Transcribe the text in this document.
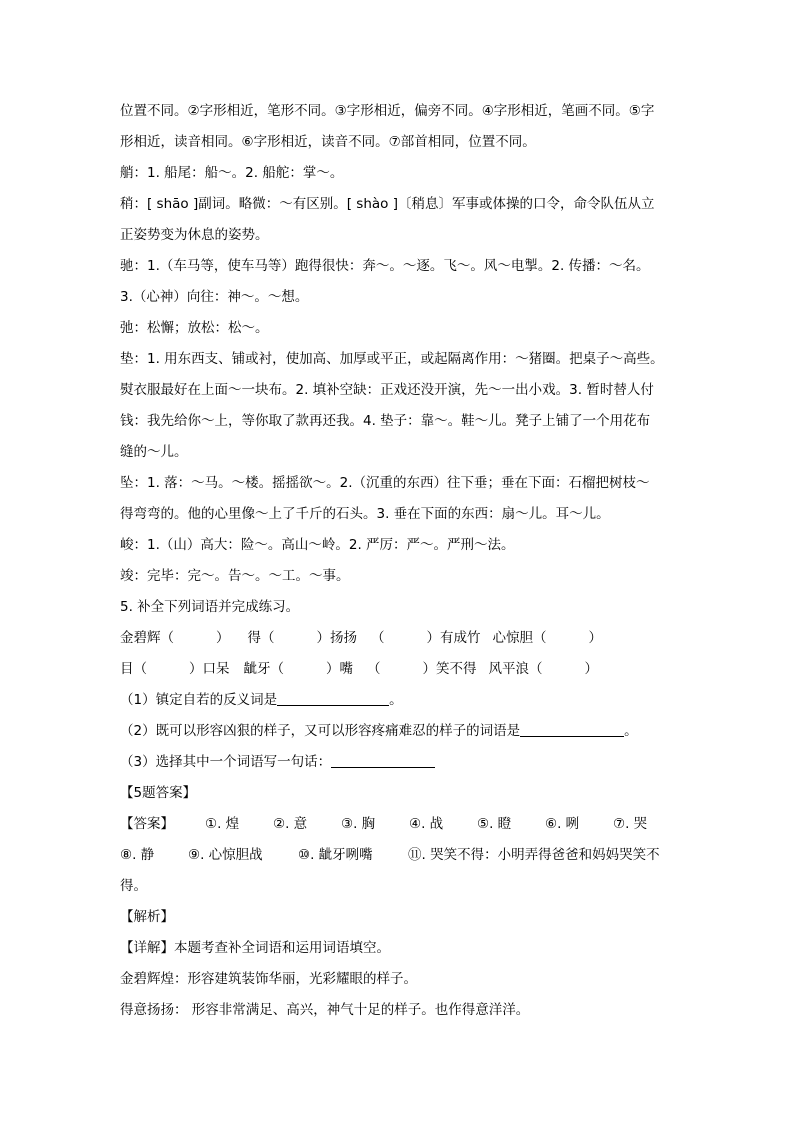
位置不同。②字形相近，笔形不同。③字形相近，偏旁不同。④字形相近，笔画不同。⑤字
形相近，读音相同。⑥字形相近，读音不同。⑦部首相同，位置不同。
艄：1. 船尾：船～。2. 船舵：掌～。
稍：[ shāo ]副词。略微：～有区别。[ shào ]〔稍息〕军事或体操的口令，命令队伍从立
正姿势变为休息的姿势。
驰：1.（车马等，使车马等）跑得很快：奔～。～逐。飞～。风～电掣。2. 传播：～名。
3.（心神）向往：神～。～想。
弛：松懈；放松：松～。
垫：1. 用东西支、铺或衬，使加高、加厚或平正，或起隔离作用：～猪圈。把桌子～高些。
熨衣服最好在上面～一块布。2. 填补空缺：正戏还没开演，先～一出小戏。3. 暂时替人付
钱：我先给你～上，等你取了款再还我。4. 垫子：靠～。鞋～儿。凳子上铺了一个用花布
缝的～儿。
坠：1. 落：～马。～楼。摇摇欲～。2.（沉重的东西）往下垂；垂在下面：石榴把树枝～
得弯弯的。他的心里像～上了千斤的石头。3. 垂在下面的东西：扇～儿。耳～儿。
峻：1.（山）高大：险～。高山～岭。2. 严厉：严～。严刑～法。
竣：完毕：完～。告～。～工。～事。
5. 补全下列词语并完成练习。
金碧辉（	） 得（	）扬扬 （	）有成竹 心惊胆（	）
目（	）口呆 龇牙（	）嘴 （	）笑不得 风平浪（	）
（1）镇定自若的反义词是	。
（2）既可以形容凶狠的样子，又可以形容疼痛难忍的样子的词语是	。
（3）选择其中一个词语写一句话：
【5题答案】
【答案】 ①. 煌	②. 意	③. 胸	④. 战	⑤. 瞪	⑥. 咧	⑦. 哭
⑧. 静	⑨. 心惊胆战	⑩. 龇牙咧嘴	⑪. 哭笑不得：小明弄得爸爸和妈妈哭笑不
得。
【解析】
【详解】本题考查补全词语和运用词语填空。
金碧辉煌：形容建筑装饰华丽，光彩耀眼的样子。
得意扬扬： 形容非常满足、高兴，神气十足的样子。也作得意洋洋。
